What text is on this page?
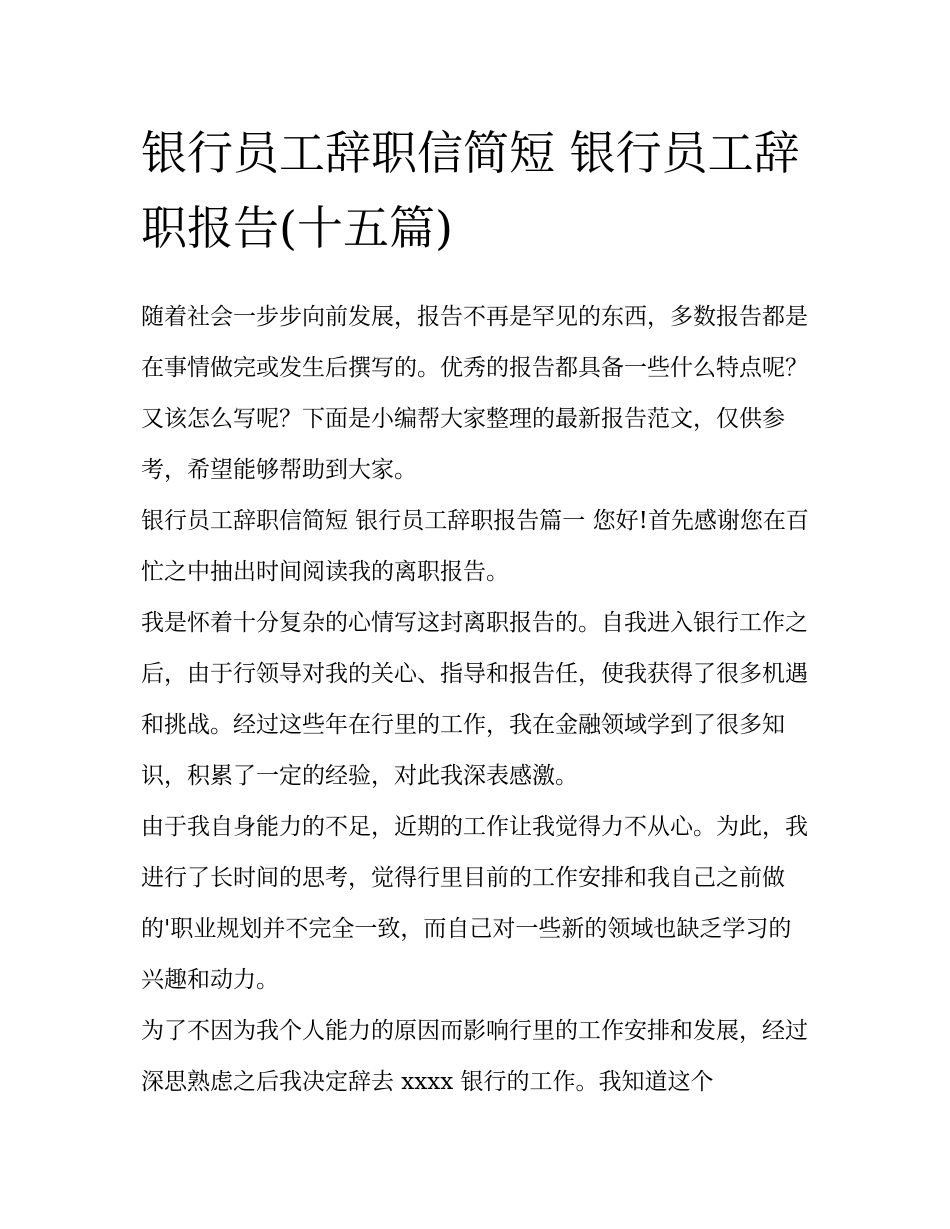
银行员工辞职信简短 银行员工辞职报告(十五篇)

随着社会一步步向前发展，报告不再是罕见的东西，多数报告都是在事情做完或发生后撰写的。优秀的报告都具备一些什么特点呢？又该怎么写呢？下面是小编帮大家整理的最新报告范文，仅供参考，希望能够帮助到大家。

银行员工辞职信简短 银行员工辞职报告篇一 您好!首先感谢您在百忙之中抽出时间阅读我的离职报告。

我是怀着十分复杂的心情写这封离职报告的。自我进入银行工作之后，由于行领导对我的关心、指导和报告任，使我获得了很多机遇和挑战。经过这些年在行里的工作，我在金融领域学到了很多知识，积累了一定的经验，对此我深表感激。

由于我自身能力的不足，近期的工作让我觉得力不从心。为此，我进行了长时间的思考，觉得行里目前的工作安排和我自己之前做的'职业规划并不完全一致，而自己对一些新的领域也缺乏学习的兴趣和动力。

为了不因为我个人能力的原因而影响行里的工作安排和发展，经过深思熟虑之后我决定辞去 xxxx 银行的工作。我知道这个
